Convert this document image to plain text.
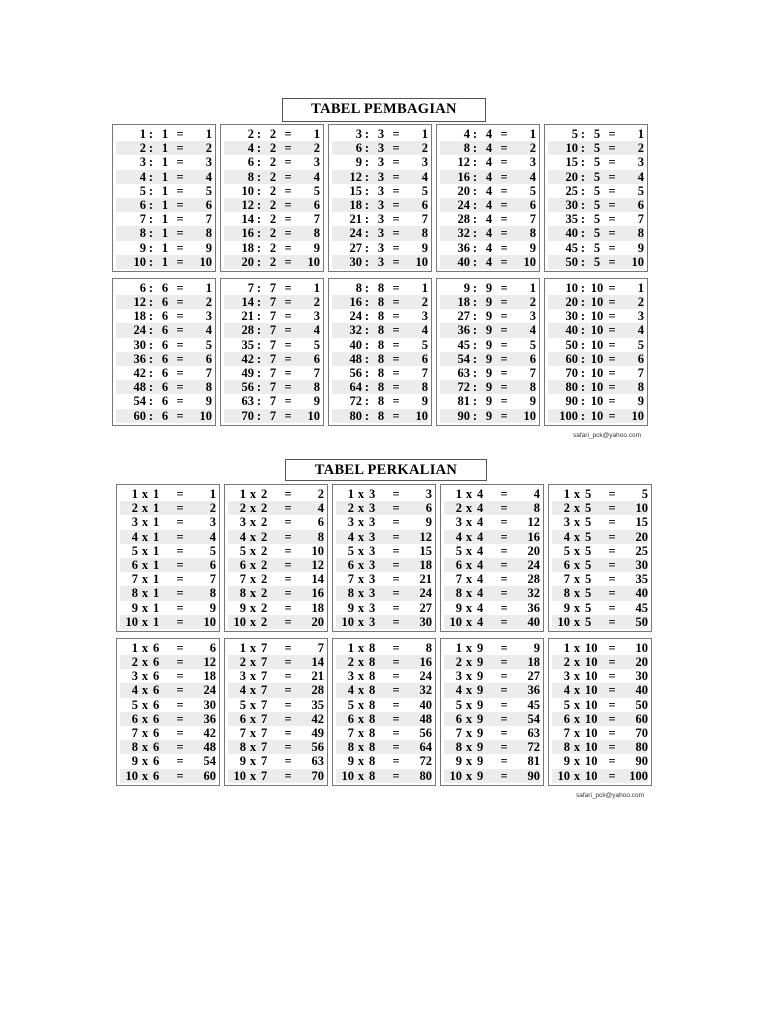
TABEL PEMBAGIAN
1 : 1 =	1
2 : 1 =	2
3 : 1 =	3
4 : 1 =	4
5 : 1 =	5
6 : 1 =	6
7 : 1 =	7
8 : 1 =	8
9 : 1 =	9
10 : 1 =	10
2 : 2 =	1
4 : 2 =	2
6 : 2 =	3
8 : 2 =	4
10 : 2 =	5
12 : 2 =	6
14 : 2 =	7
16 : 2 =	8
18 : 2 =	9
20 : 2 =	10
3 : 3 =	1
6 : 3 =	2
9 : 3 =	3
12 : 3 =	4
15 : 3 =	5
18 : 3 =	6
21 : 3 =	7
24 : 3 =	8
27 : 3 =	9
30 : 3 =	10
4 : 4 =	1
8 : 4 =	2
12 : 4 =	3
16 : 4 =	4
20 : 4 =	5
24 : 4 =	6
28 : 4 =	7
32 : 4 =	8
36 : 4 =	9
40 : 4 =	10
5 : 5 =	1
10 : 5 =	2
15 : 5 =	3
20 : 5 =	4
25 : 5 =	5
30 : 5 =	6
35 : 5 =	7
40 : 5 =	8
45 : 5 =	9
50 : 5 =	10
6 : 6 =	1
12 : 6 =	2
18 : 6 =	3
24 : 6 =	4
30 : 6 =	5
36 : 6 =	6
42 : 6 =	7
48 : 6 =	8
54 : 6 =	9
60 : 6 =	10
7 : 7 =	1
14 : 7 =	2
21 : 7 =	3
28 : 7 =	4
35 : 7 =	5
42 : 7 =	6
49 : 7 =	7
56 : 7 =	8
63 : 7 =	9
70 : 7 =	10
8 : 8 =	1
16 : 8 =	2
24 : 8 =	3
32 : 8 =	4
40 : 8 =	5
48 : 8 =	6
56 : 8 =	7
64 : 8 =	8
72 : 8 =	9
80 : 8 =	10
9 : 9 =	1
18 : 9 =	2
27 : 9 =	3
36 : 9 =	4
45 : 9 =	5
54 : 9 =	6
63 : 9 =	7
72 : 9 =	8
81 : 9 =	9
90 : 9 =	10
10 : 10 =	1
20 : 10 =	2
30 : 10 =	3
40 : 10 =	4
50 : 10 =	5
60 : 10 =	6
70 : 10 =	7
80 : 10 =	8
90 : 10 =	9
100 : 10 =	10
safari_pck@yahoo.com
TABEL PERKALIAN
1 x 1	=	1
2 x 1	=	2
3 x 1	=	3
4 x 1	=	4
5 x 1	=	5
6 x 1	=	6
7 x 1	=	7
8 x 1	=	8
9 x 1	=	9
10 x 1	=	10
1 x 2	=	2
2 x 2	=	4
3 x 2	=	6
4 x 2	=	8
5 x 2	=	10
6 x 2	=	12
7 x 2	=	14
8 x 2	=	16
9 x 2	=	18
10 x 2	=	20
1 x 3	=	3
2 x 3	=	6
3 x 3	=	9
4 x 3	=	12
5 x 3	=	15
6 x 3	=	18
7 x 3	=	21
8 x 3	=	24
9 x 3	=	27
10 x 3	=	30
1 x 4	=	4
2 x 4	=	8
3 x 4	=	12
4 x 4	=	16
5 x 4	=	20
6 x 4	=	24
7 x 4	=	28
8 x 4	=	32
9 x 4	=	36
10 x 4	=	40
1 x 5	=	5
2 x 5	=	10
3 x 5	=	15
4 x 5	=	20
5 x 5	=	25
6 x 5	=	30
7 x 5	=	35
8 x 5	=	40
9 x 5	=	45
10 x 5	=	50
1 x 6	=	6
2 x 6	=	12
3 x 6	=	18
4 x 6	=	24
5 x 6	=	30
6 x 6	=	36
7 x 6	=	42
8 x 6	=	48
9 x 6	=	54
10 x 6	=	60
1 x 7	=	7
2 x 7	=	14
3 x 7	=	21
4 x 7	=	28
5 x 7	=	35
6 x 7	=	42
7 x 7	=	49
8 x 7	=	56
9 x 7	=	63
10 x 7	=	70
1 x 8	=	8
2 x 8	=	16
3 x 8	=	24
4 x 8	=	32
5 x 8	=	40
6 x 8	=	48
7 x 8	=	56
8 x 8	=	64
9 x 8	=	72
10 x 8	=	80
1 x 9	=	9
2 x 9	=	18
3 x 9	=	27
4 x 9	=	36
5 x 9	=	45
6 x 9	=	54
7 x 9	=	63
8 x 9	=	72
9 x 9	=	81
10 x 9	=	90
1 x 10 =	10
2 x 10 =	20
3 x 10 =	30
4 x 10 =	40
5 x 10 =	50
6 x 10 =	60
7 x 10 =	70
8 x 10 =	80
9 x 10 =	90
10 x 10 =	100
safari_pck@yahoo.com
